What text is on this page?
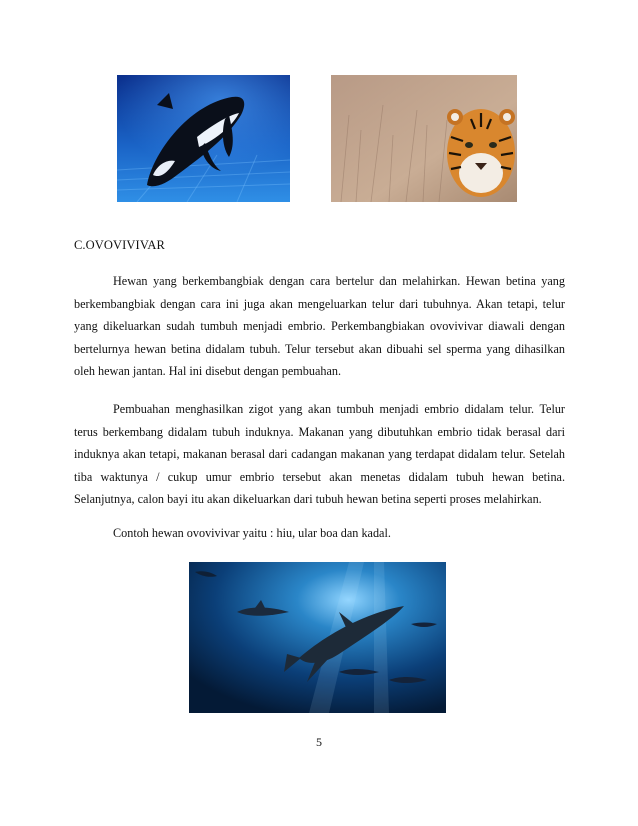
C.OVOVIVIVAR

Hewan yang berkembangbiak dengan cara bertelur dan melahirkan. Hewan betina yang berkembangbiak dengan cara ini juga akan mengeluarkan telur dari tubuhnya. Akan tetapi, telur yang dikeluarkan sudah tumbuh menjadi embrio. Perkembangbiakan ovovivivar diawali dengan bertelurnya hewan betina didalam tubuh. Telur tersebut akan dibuahi sel sperma yang dihasilkan oleh hewan jantan. Hal ini disebut dengan pembuahan.

Pembuahan menghasilkan zigot yang akan tumbuh menjadi embrio didalam telur. Telur terus berkembang didalam tubuh induknya. Makanan yang dibutuhkan embrio tidak berasal dari induknya akan tetapi, makanan berasal dari cadangan makanan yang terdapat didalam telur. Setelah tiba waktunya / cukup umur embrio tersebut akan menetas didalam tubuh hewan betina. Selanjutnya, calon bayi itu akan dikeluarkan dari tubuh hewan betina seperti proses melahirkan.

Contoh hewan ovovivivar yaitu : hiu, ular boa dan kadal.

5
